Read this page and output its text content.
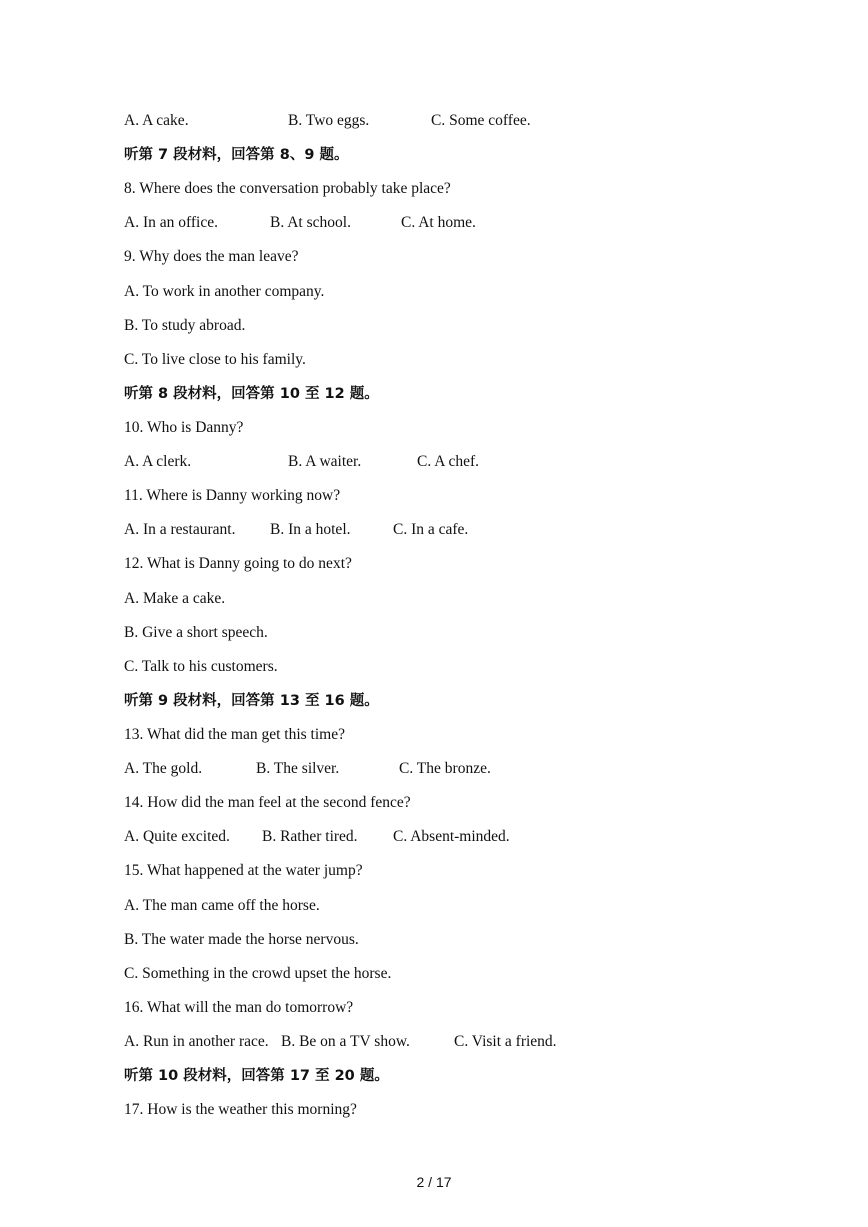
A. A cake.	B. Two eggs.	C. Some coffee.
听第 7 段材料，回答第 8、9 题。
8. Where does the conversation probably take place?
A. In an office.	B. At school.	C. At home.
9. Why does the man leave?
A. To work in another company.
B. To study abroad.
C. To live close to his family.
听第 8 段材料，回答第 10 至 12 题。
10. Who is Danny?
A. A clerk.	B. A waiter.	C. A chef.
11. Where is Danny working now?
A. In a restaurant. B. In a hotel.	C. In a cafe.
12. What is Danny going to do next?
A. Make a cake.
B. Give a short speech.
C. Talk to his customers.
听第 9 段材料，回答第 13 至 16 题。
13. What did the man get this time?
A. The gold.	B. The silver.	C. The bronze.
14. How did the man feel at the second fence?
A. Quite excited. B. Rather tired. C. Absent-minded.
15. What happened at the water jump?
A. The man came off the horse.
B. The water made the horse nervous.
C. Something in the crowd upset the horse.
16. What will the man do tomorrow?
A. Run in another race. B. Be on a TV show.	C. Visit a friend.
听第 10 段材料，回答第 17 至 20 题。
17. How is the weather this morning?
2 / 17
